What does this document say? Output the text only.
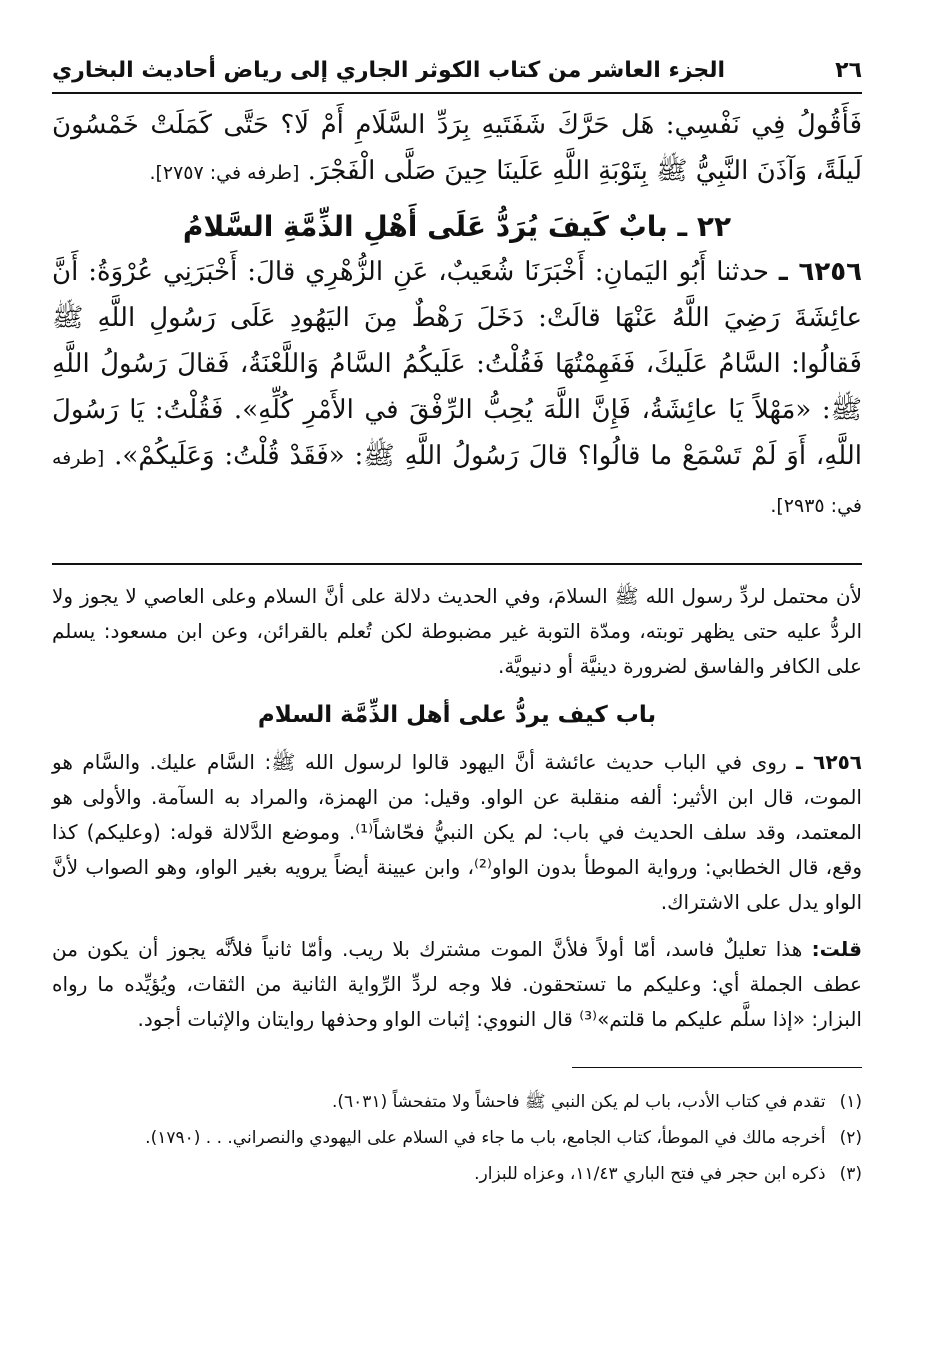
٢٦
الجزء العاشر من كتاب الكوثر الجاري إلى رياض أحاديث البخاري
فَأَقُولُ فِي نَفْسِي: هَل حَرَّكَ شَفَتَيهِ بِرَدِّ السَّلَامِ أَمْ لَا؟ حَتَّى كَمَلَتْ خَمْسُونَ لَيلَةً، وَآذَنَ النَّبِيُّ ﷺ بِتَوْبَةِ اللَّهِ عَلَينَا حِينَ صَلَّى الْفَجْرَ. [طرفه في: ٢٧٥٧].
٢٢ ـ بابٌ كَيفَ يُرَدُّ عَلَى أَهْلِ الذِّمَّةِ السَّلامُ
٦٢٥٦ ـ حدثنا أَبُو اليَمانِ: أَخْبَرَنَا شُعَيبٌ، عَنِ الزُّهْرِي قالَ: أَخْبَرَنِي عُرْوَةُ: أَنَّ عائِشَةَ رَضِيَ اللَّهُ عَنْهَا قالَتْ: دَخَلَ رَهْطٌ مِنَ اليَهُودِ عَلَى رَسُولِ اللَّهِ ﷺ فَقالُوا: السَّامُ عَلَيكَ، فَفَهِمْتُهَا فَقُلْتُ: عَلَيكُمُ السَّامُ وَاللَّعْنَةُ، فَقالَ رَسُولُ اللَّهِ ﷺ: «مَهْلاً يَا عائِشَةُ، فَإِنَّ اللَّهَ يُحِبُّ الرِّفْقَ في الأَمْرِ كُلِّهِ». فَقُلْتُ: يَا رَسُولَ اللَّهِ، أَوَ لَمْ تَسْمَعْ ما قالُوا؟ قالَ رَسُولُ اللَّهِ ﷺ: «فَقَدْ قُلْتُ: وَعَلَيكُمْ». [طرفه في: ٢٩٣٥].

لأن محتمل لردِّ رسول الله ﷺ السلامَ، وفي الحديث دلالة على أنَّ السلام وعلى العاصي لا يجوز ولا الردُّ عليه حتى يظهر توبته، ومدّة التوبة غير مضبوطة لكن تُعلم بالقرائن، وعن ابن مسعود: يسلم على الكافر والفاسق لضرورة دينيَّة أو دنيويَّة.

باب كيف يردُّ على أهل الذِّمَّة السلام

٦٢٥٦ ـ روى في الباب حديث عائشة أنَّ اليهود قالوا لرسول الله ﷺ: السَّام عليك. والسَّام هو الموت، قال ابن الأثير: ألفه منقلبة عن الواو. وقيل: من الهمزة، والمراد به السآمة. والأولى هو المعتمد، وقد سلف الحديث في باب: لم يكن النبيُّ فحّاشاً⁽¹⁾. وموضع الدَّلالة قوله: (وعليكم) كذا وقع، قال الخطابي: ورواية الموطأ بدون الواو⁽²⁾، وابن عيينة أيضاً يرويه بغير الواو، وهو الصواب لأنَّ الواو يدل على الاشتراك.

قلت: هذا تعليلٌ فاسد، أمّا أولاً فلأنَّ الموت مشترك بلا ريب. وأمّا ثانياً فلأنَّه يجوز أن يكون من عطف الجملة أي: وعليكم ما تستحقون. فلا وجه لردِّ الرِّواية الثانية من الثقات، ويُؤيِّده ما رواه البزار: «إذا سلَّم عليكم ما قلتم»⁽³⁾ قال النووي: إثبات الواو وحذفها روايتان والإثبات أجود.

(١)
تقدم في كتاب الأدب، باب لم يكن النبي ﷺ فاحشاً ولا متفحشاً (٦٠٣١).
(٢)
أخرجه مالك في الموطأ، كتاب الجامع، باب ما جاء في السلام على اليهودي والنصراني. . . (١٧٩٠).
(٣)
ذكره ابن حجر في فتح الباري ١١/٤٣، وعزاه للبزار.
